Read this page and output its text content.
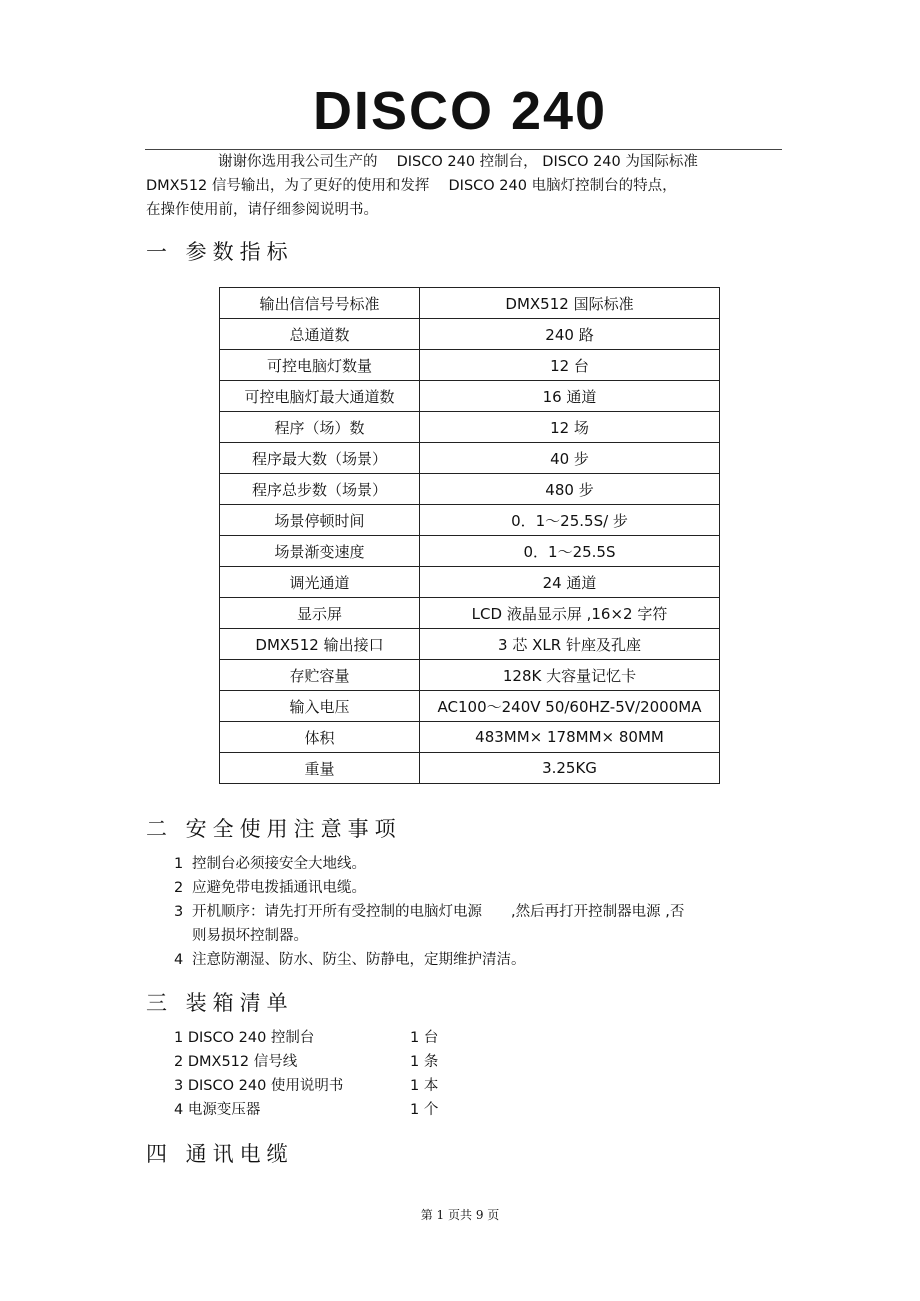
DISCO 240
谢谢你选用我公司生产的　 DISCO 240 控制台， DISCO 240 为国际标准
DMX512 信号输出，为了更好的使用和发挥　 DISCO 240 电脑灯控制台的特点，
在操作使用前，请仔细参阅说明书。
一 参数指标
输出信信号号标准	DMX512 国际标准
总通道数	240 路
可控电脑灯数量	12 台
可控电脑灯最大通道数	16 通道
程序（场）数	12 场
程序最大数（场景）	40 步
程序总步数（场景）	480 步
场景停顿时间	0．1～25.5S/ 步
场景渐变速度	0．1～25.5S
调光通道	24 通道
显示屏	LCD 液晶显示屏 ,16×2 字符
DMX512 输出接口	3 芯 XLR 针座及孔座
存贮容量	128K 大容量记忆卡
输入电压	AC100～240V 50/60HZ-5V/2000MA
体积	483MM× 178MM× 80MM
重量	3.25KG
二 安全使用注意事项
1 控制台必须接安全大地线。
2 应避免带电拨插通讯电缆。
3 开机顺序：请先打开所有受控制的电脑灯电源　　,然后再打开控制器电源 ,否
则易损坏控制器。
4 注意防潮湿、防水、防尘、防静电，定期维护清洁。
三 装箱清单
1 DISCO 240 控制台	1 台
2 DMX512 信号线	1 条
3 DISCO 240 使用说明书	1 本
4 电源变压器	1 个
四 通讯电缆
第 1 页共 9 页
